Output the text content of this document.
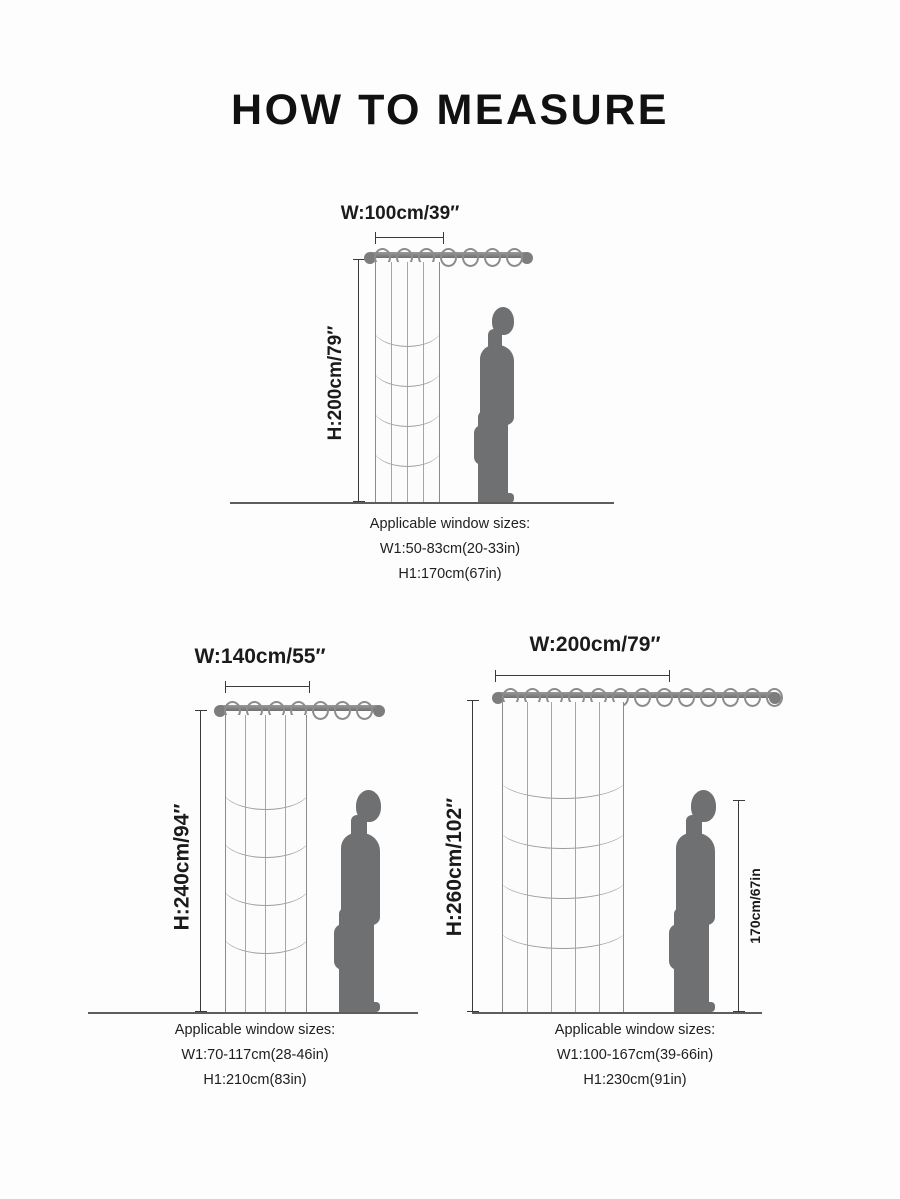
HOW TO MEASURE
W:100cm/39″
H:200cm/79″
Applicable window sizes:
W1:50-83cm(20-33in)
H1:170cm(67in)
W:140cm/55″
H:240cm/94″
Applicable window sizes:
W1:70-117cm(28-46in)
H1:210cm(83in)
W:200cm/79″
H:260cm/102″	170cm/67in
Applicable window sizes:
W1:100-167cm(39-66in)
H1:230cm(91in)
